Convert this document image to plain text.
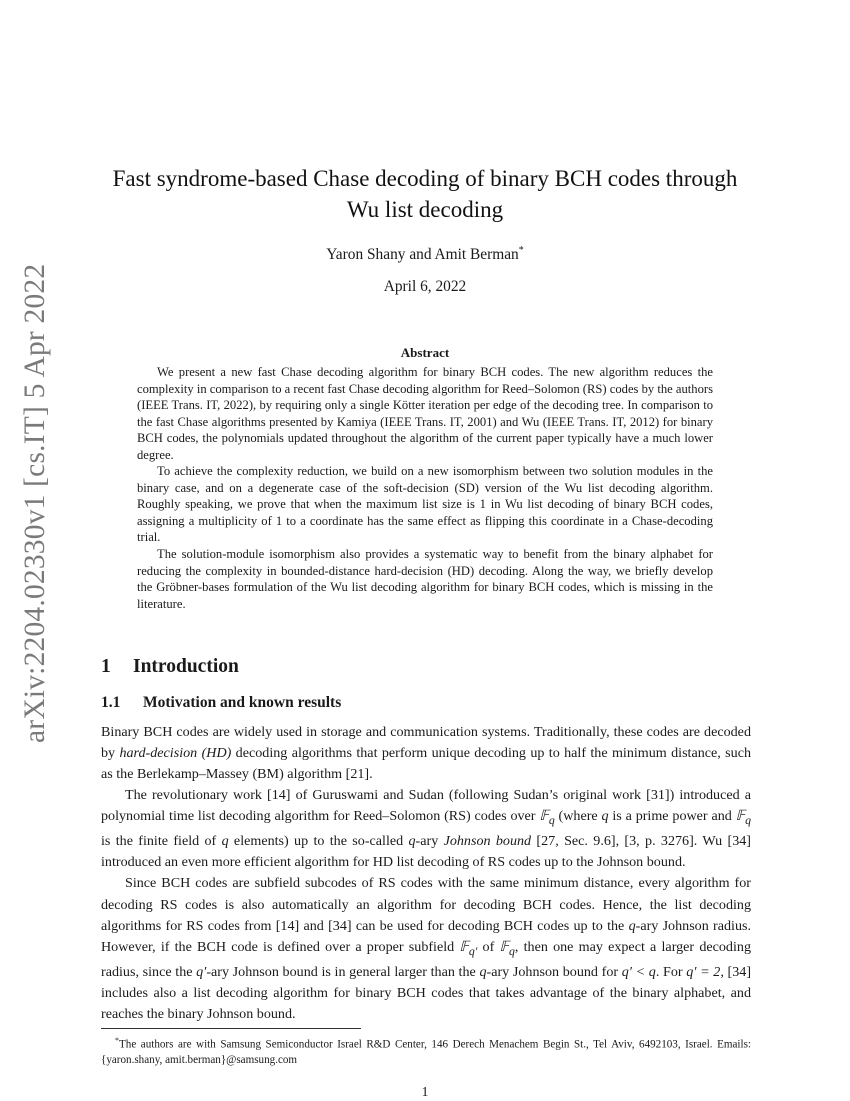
arXiv:2204.02330v1 [cs.IT] 5 Apr 2022
Fast syndrome-based Chase decoding of binary BCH codes through Wu list decoding
Yaron Shany and Amit Berman*
April 6, 2022
Abstract

We present a new fast Chase decoding algorithm for binary BCH codes. The new algorithm reduces the complexity in comparison to a recent fast Chase decoding algorithm for Reed–Solomon (RS) codes by the authors (IEEE Trans. IT, 2022), by requiring only a single Kötter iteration per edge of the decoding tree. In comparison to the fast Chase algorithms presented by Kamiya (IEEE Trans. IT, 2001) and Wu (IEEE Trans. IT, 2012) for binary BCH codes, the polynomials updated throughout the algorithm of the current paper typically have a much lower degree.

To achieve the complexity reduction, we build on a new isomorphism between two solution modules in the binary case, and on a degenerate case of the soft-decision (SD) version of the Wu list decoding algorithm. Roughly speaking, we prove that when the maximum list size is 1 in Wu list decoding of binary BCH codes, assigning a multiplicity of 1 to a coordinate has the same effect as flipping this coordinate in a Chase-decoding trial.

The solution-module isomorphism also provides a systematic way to benefit from the binary alphabet for reducing the complexity in bounded-distance hard-decision (HD) decoding. Along the way, we briefly develop the Gröbner-bases formulation of the Wu list decoding algorithm for binary BCH codes, which is missing in the literature.

1 Introduction
1.1 Motivation and known results

Binary BCH codes are widely used in storage and communication systems. Traditionally, these codes are decoded by hard-decision (HD) decoding algorithms that perform unique decoding up to half the minimum distance, such as the Berlekamp–Massey (BM) algorithm [21].

The revolutionary work [14] of Guruswami and Sudan (following Sudan’s original work [31]) introduced a polynomial time list decoding algorithm for Reed–Solomon (RS) codes over 𝔽$_q$ (where q is a prime power and 𝔽$_q$ is the finite field of q elements) up to the so-called q-ary Johnson bound [27, Sec. 9.6], [3, p. 3276]. Wu [34] introduced an even more efficient algorithm for HD list decoding of RS codes up to the Johnson bound.

Since BCH codes are subfield subcodes of RS codes with the same minimum distance, every algorithm for decoding RS codes is also automatically an algorithm for decoding BCH codes. Hence, the list decoding algorithms for RS codes from [14] and [34] can be used for decoding BCH codes up to the q-ary Johnson radius. However, if the BCH code is defined over a proper subfield 𝔽$_{q'}$ of 𝔽$_q$, then one may expect a larger decoding radius, since the q′-ary Johnson bound is in general larger than the q-ary Johnson bound for q′ < q. For q′ = 2, [34] includes also a list decoding algorithm for binary BCH codes that takes advantage of the binary alphabet, and reaches the binary Johnson bound.

*The authors are with Samsung Semiconductor Israel R&D Center, 146 Derech Menachem Begin St., Tel Aviv, 6492103, Israel. Emails: {yaron.shany, amit.berman}@samsung.com
1
